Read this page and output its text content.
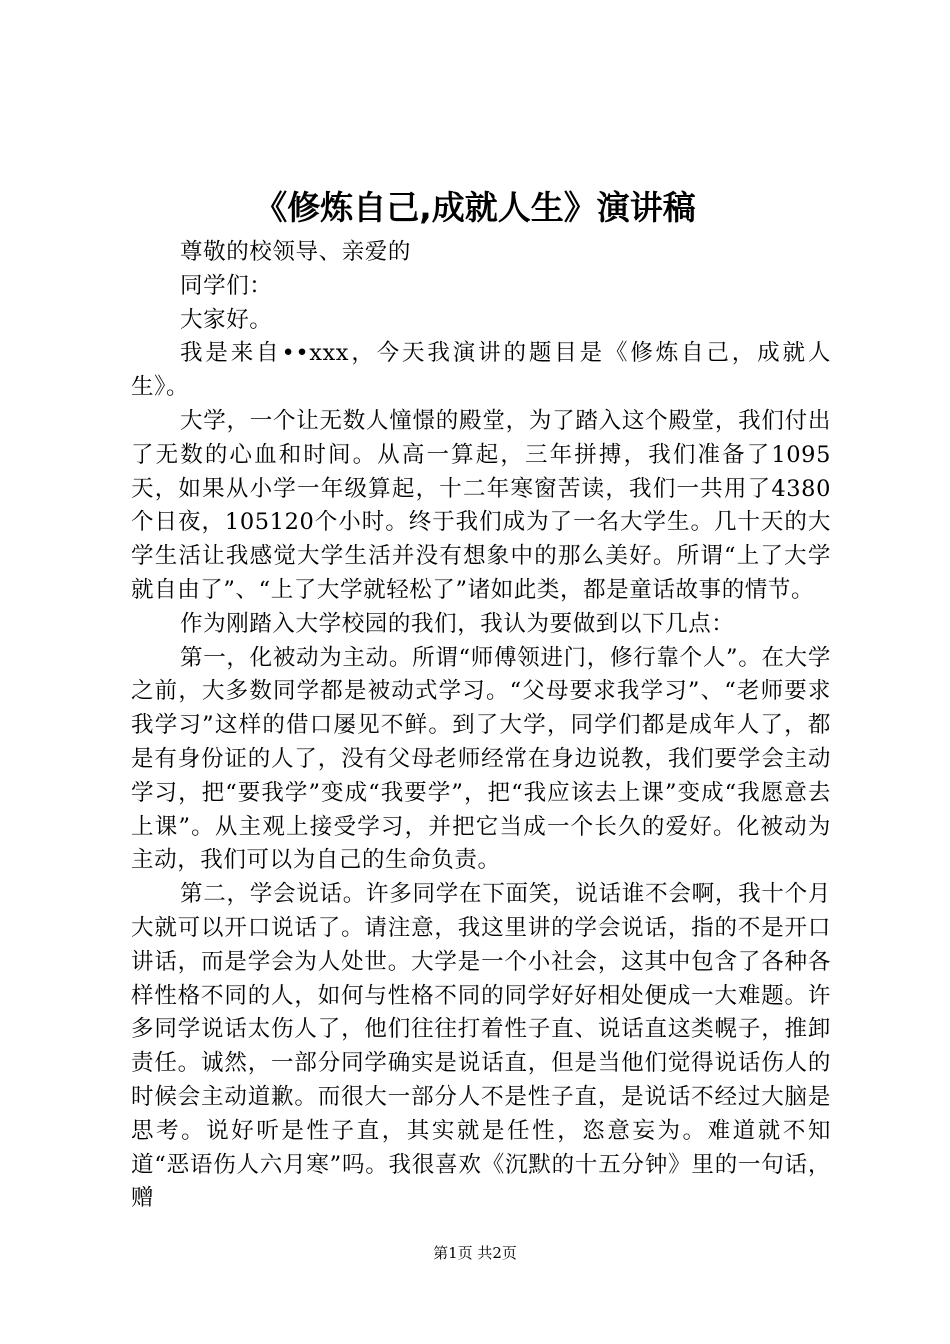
《修炼自己,成就人生》演讲稿

尊敬的校领导、亲爱的

同学们：

大家好。

我是来自••xxx，今天我演讲的题目是《修炼自己，成就人生》。

大学，一个让无数人憧憬的殿堂，为了踏入这个殿堂，我们付出了无数的心血和时间。从高一算起，三年拼搏，我们准备了1095天，如果从小学一年级算起，十二年寒窗苦读，我们一共用了4380个日夜，105120个小时。终于我们成为了一名大学生。几十天的大学生活让我感觉大学生活并没有想象中的那么美好。所谓“上了大学就自由了”、“上了大学就轻松了”诸如此类，都是童话故事的情节。

作为刚踏入大学校园的我们，我认为要做到以下几点：

第一，化被动为主动。所谓“师傅领进门，修行靠个人”。在大学之前，大多数同学都是被动式学习。“父母要求我学习”、“老师要求我学习”这样的借口屡见不鲜。到了大学，同学们都是成年人了，都是有身份证的人了，没有父母老师经常在身边说教，我们要学会主动学习，把“要我学”变成“我要学”，把“我应该去上课”变成“我愿意去上课”。从主观上接受学习，并把它当成一个长久的爱好。化被动为主动，我们可以为自己的生命负责。

第二，学会说话。许多同学在下面笑，说话谁不会啊，我十个月大就可以开口说话了。请注意，我这里讲的学会说话，指的不是开口讲话，而是学会为人处世。大学是一个小社会，这其中包含了各种各样性格不同的人，如何与性格不同的同学好好相处便成一大难题。许多同学说话太伤人了，他们往往打着性子直、说话直这类幌子，推卸责任。诚然，一部分同学确实是说话直，但是当他们觉得说话伤人的时候会主动道歉。而很大一部分人不是性子直，是说话不经过大脑是思考。说好听是性子直，其实就是任性，恣意妄为。难道就不知道“恶语伤人六月寒”吗。我很喜欢《沉默的十五分钟》里的一句话，赠

第1页 共2页
